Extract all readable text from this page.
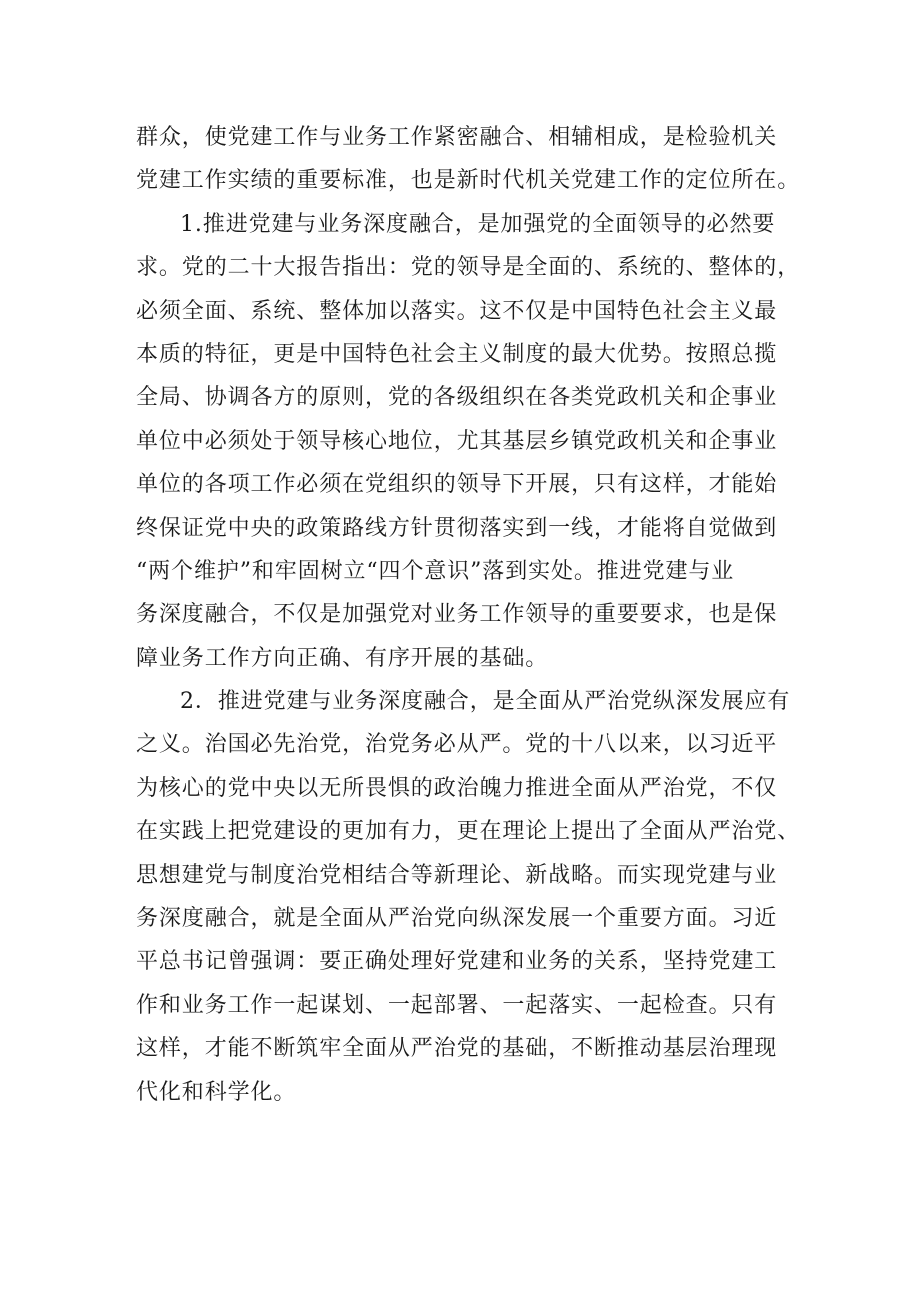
群众，使党建工作与业务工作紧密融合、相辅相成，是检验机关
党建工作实绩的重要标准，也是新时代机关党建工作的定位所在。
1.推进党建与业务深度融合，是加强党的全面领导的必然要
求。党的二十大报告指出：党的领导是全面的、系统的、整体的，
必须全面、系统、整体加以落实。这不仅是中国特色社会主义最
本质的特征，更是中国特色社会主义制度的最大优势。按照总揽
全局、协调各方的原则，党的各级组织在各类党政机关和企事业
单位中必须处于领导核心地位，尤其基层乡镇党政机关和企事业
单位的各项工作必须在党组织的领导下开展，只有这样，才能始
终保证党中央的政策路线方针贯彻落实到一线，才能将自觉做到
“两个维护”和牢固树立“四个意识”落到实处。推进党建与业
务深度融合，不仅是加强党对业务工作领导的重要要求，也是保
障业务工作方向正确、有序开展的基础。
2．推进党建与业务深度融合，是全面从严治党纵深发展应有
之义。治国必先治党，治党务必从严。党的十八以来，以习近平
为核心的党中央以无所畏惧的政治魄力推进全面从严治党，不仅
在实践上把党建设的更加有力，更在理论上提出了全面从严治党、
思想建党与制度治党相结合等新理论、新战略。而实现党建与业
务深度融合，就是全面从严治党向纵深发展一个重要方面。习近
平总书记曾强调：要正确处理好党建和业务的关系，坚持党建工
作和业务工作一起谋划、一起部署、一起落实、一起检查。只有
这样，才能不断筑牢全面从严治党的基础，不断推动基层治理现
代化和科学化。
